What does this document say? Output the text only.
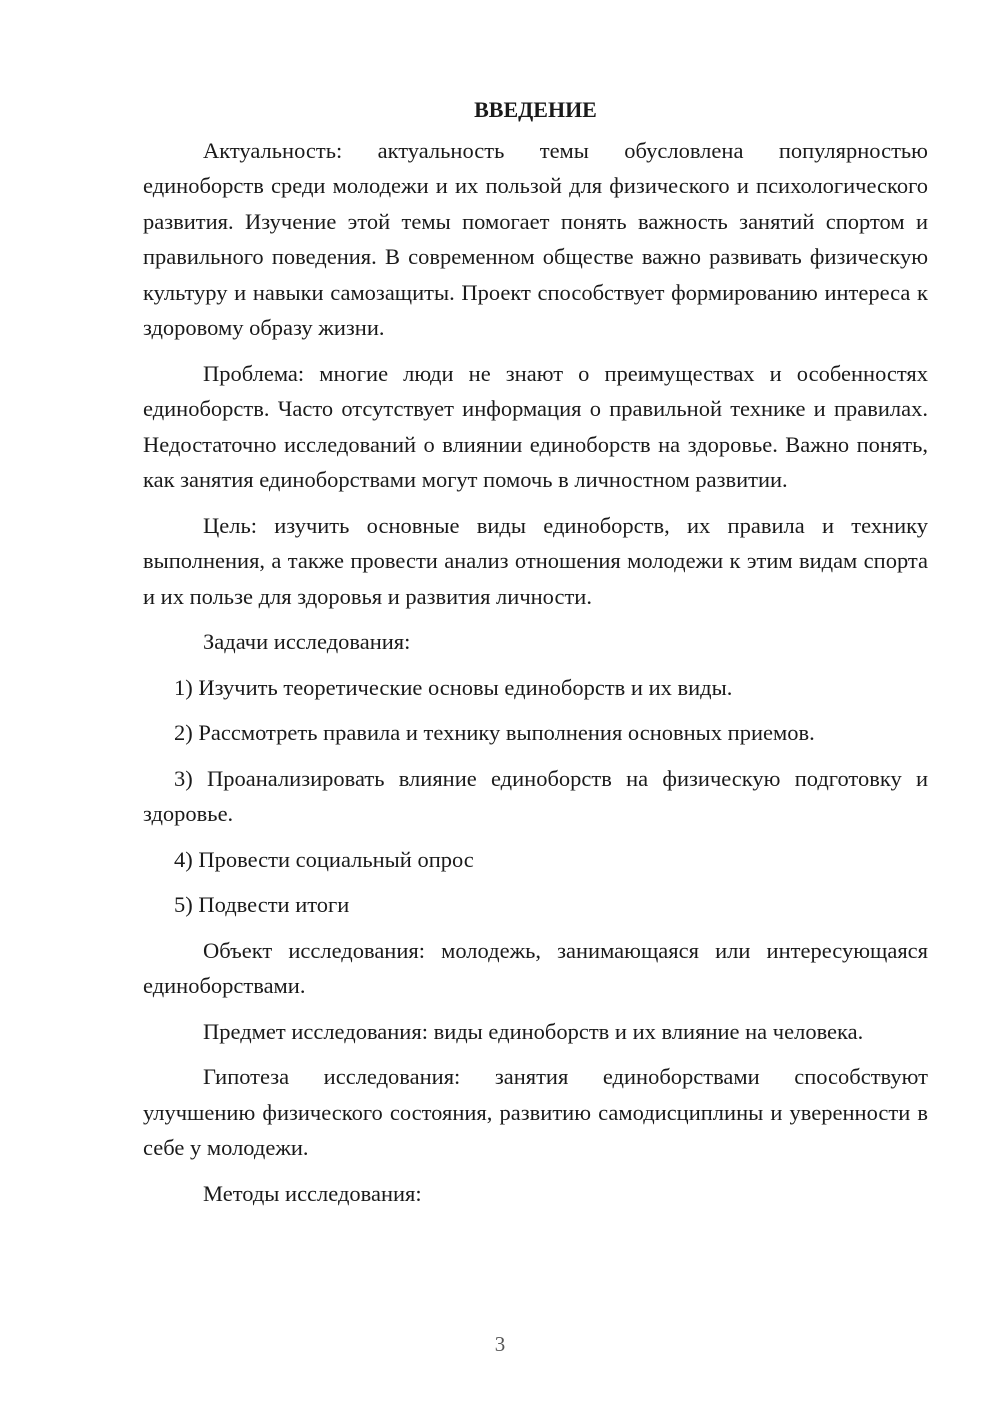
ВВЕДЕНИЕ

Актуальность: актуальность темы обусловлена популярностью единоборств среди молодежи и их пользой для физического и психологического развития. Изучение этой темы помогает понять важность занятий спортом и правильного поведения. В современном обществе важно развивать физическую культуру и навыки самозащиты. Проект способствует формированию интереса к здоровому образу жизни.

Проблема: многие люди не знают о преимуществах и особенностях единоборств. Часто отсутствует информация о правильной технике и правилах. Недостаточно исследований о влиянии единоборств на здоровье. Важно понять, как занятия единоборствами могут помочь в личностном развитии.

Цель: изучить основные виды единоборств, их правила и технику выполнения, а также провести анализ отношения молодежи к этим видам спорта и их пользе для здоровья и развития личности.

Задачи исследования:

1) Изучить теоретические основы единоборств и их виды.

2) Рассмотреть правила и технику выполнения основных приемов.

3) Проанализировать влияние единоборств на физическую подготовку и здоровье.

4) Провести социальный опрос

5) Подвести итоги

Объект исследования: молодежь, занимающаяся или интересующаяся единоборствами.

Предмет исследования: виды единоборств и их влияние на человека.

Гипотеза исследования: занятия единоборствами способствуют улучшению физического состояния, развитию самодисциплины и уверенности в себе у молодежи.

Методы исследования:

3
